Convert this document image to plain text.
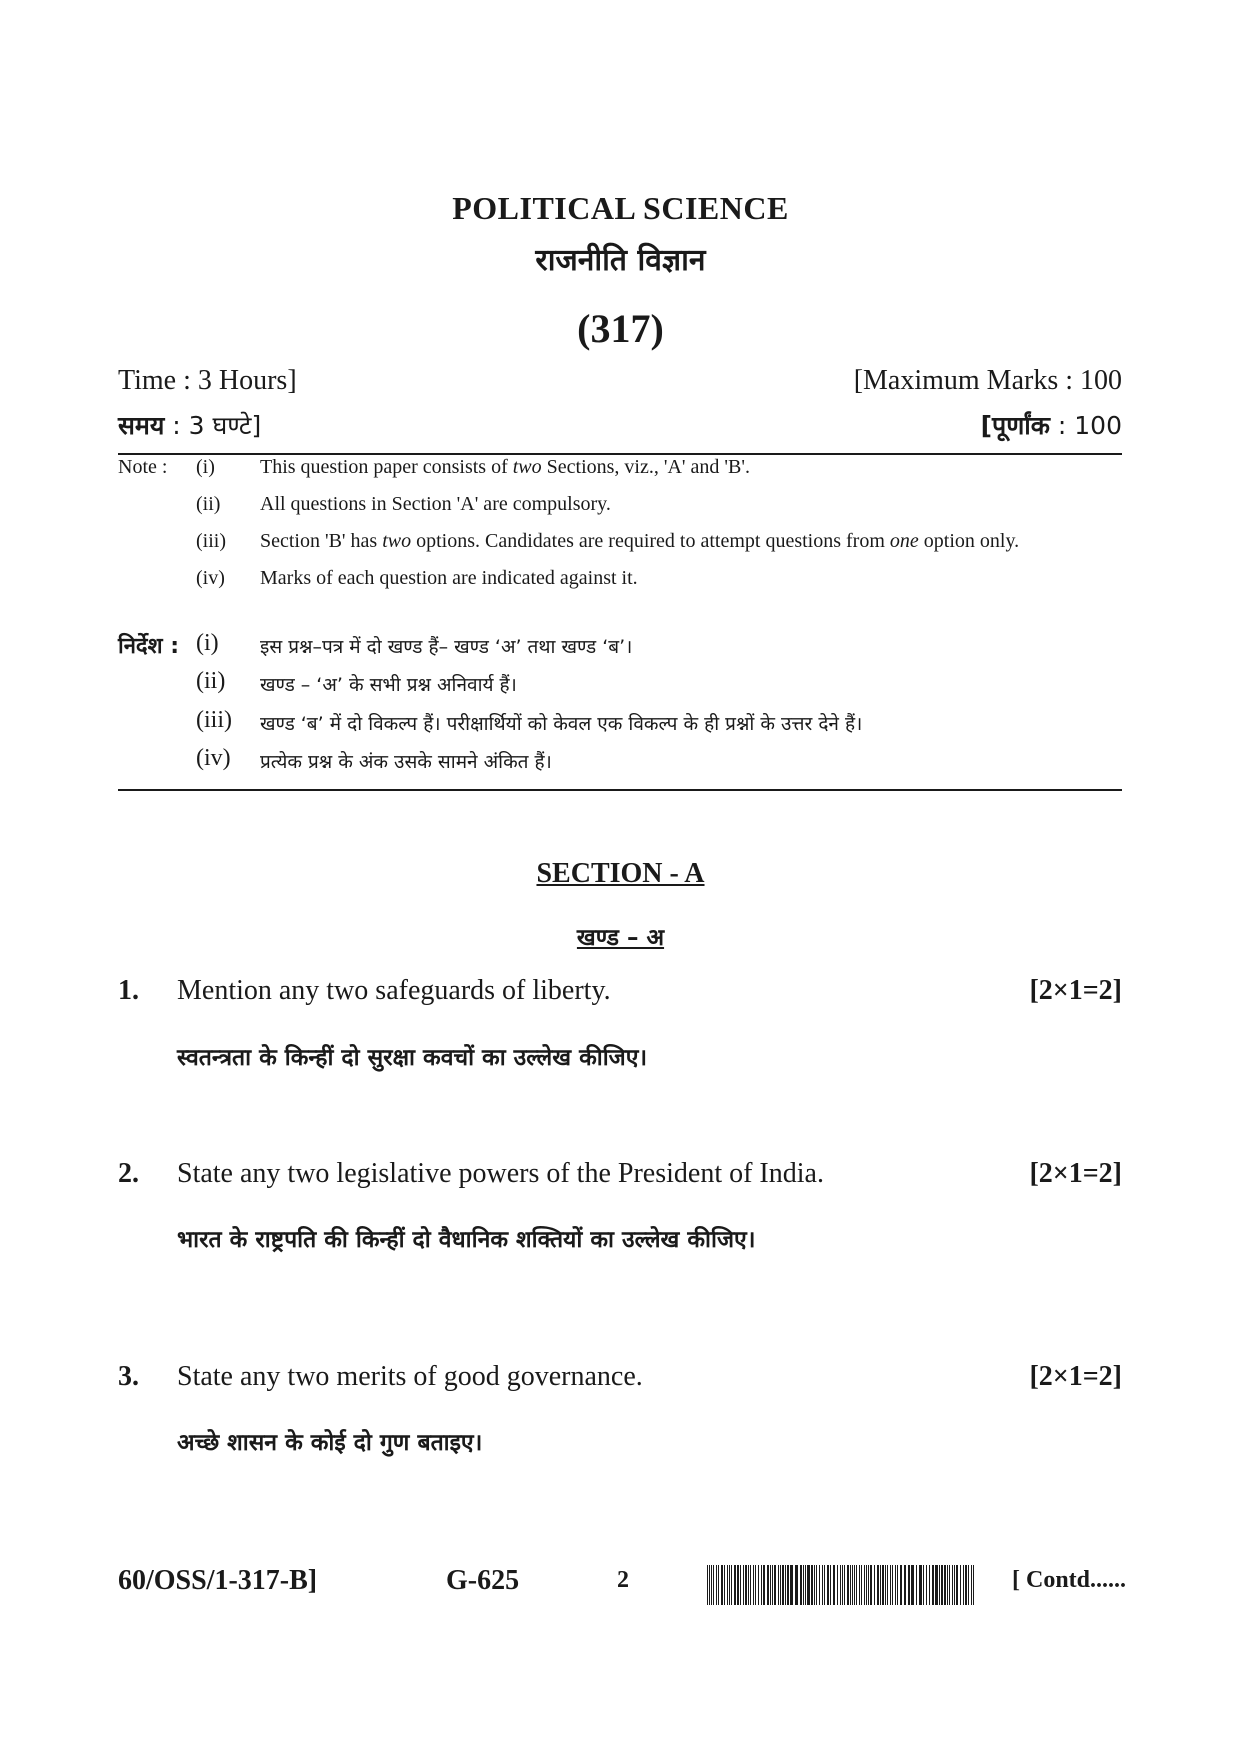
POLITICAL SCIENCE
राजनीति विज्ञान
(317)
Time : 3 Hours]	[Maximum Marks : 100
समय : 3 घण्टे]	[पूर्णांक : 100
Note : (i) This question paper consists of two Sections, viz., 'A' and 'B'.
(ii) All questions in Section 'A' are compulsory.
(iii) Section 'B' has two options. Candidates are required to attempt questions from one option only.
(iv) Marks of each question are indicated against it.
निर्देश : (i) इस प्रश्न–पत्र में दो खण्ड हैं– खण्ड ‘अ’ तथा खण्ड ‘ब’।
(ii) खण्ड – ‘अ’ के सभी प्रश्न अनिवार्य हैं।
(iii) खण्ड ‘ब’ में दो विकल्प हैं। परीक्षार्थियों को केवल एक विकल्प के ही प्रश्नों के उत्तर देने हैं।
(iv) प्रत्येक प्रश्न के अंक उसके सामने अंकित हैं।
SECTION - A
खण्ड – अ
1. Mention any two safeguards of liberty.	[2×1=2]
स्वतन्त्रता के किन्हीं दो सुरक्षा कवचों का उल्लेख कीजिए।
2. State any two legislative powers of the President of India.	[2×1=2]
भारत के राष्ट्रपति की किन्हीं दो वैधानिक शक्तियों का उल्लेख कीजिए।
3. State any two merits of good governance.	[2×1=2]
अच्छे शासन के कोई दो गुण बताइए।
60/OSS/1-317-B]	G-625	2	[ Contd......
